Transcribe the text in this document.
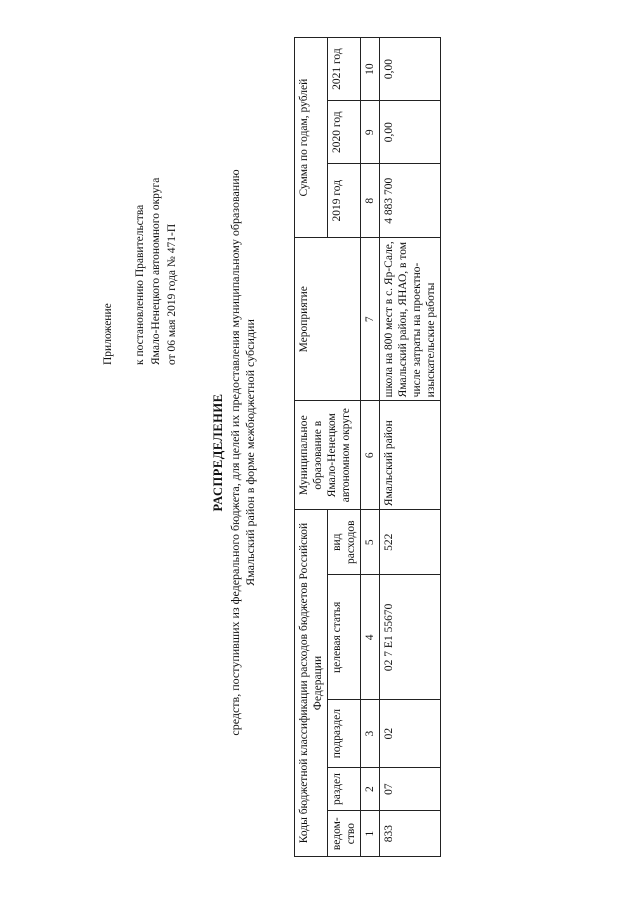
Приложение к постановлению Правительства Ямало-Ненецкого автономного округа от 06 мая 2019 года № 471-П
РАСПРЕДЕЛЕНИЕ средств, поступивших из федерального бюджета, для целей их предоставления муниципальному образованию Ямальский район в форме межбюджетной субсидии
Коды бюджетной классификации расходов бюджетов Российской Федерации					Муниципальное образование в Ямало-Ненецком автономном округе	Мероприятие	Сумма по годам, рублей		
ведом-ство	раздел	подраздел	целевая статья	вид расходов			2019 год	2020 год	2021 год
1	2	3	4	5	6	7	8	9	10
833	07	02	02 7 Е1 55670	522	Ямальский район	школа на 800 мест в с. Яр-Сале, Ямальский район, ЯНАО, в том числе затраты на проектно-изыскательские работы	4 883 700	0,00	0,00
